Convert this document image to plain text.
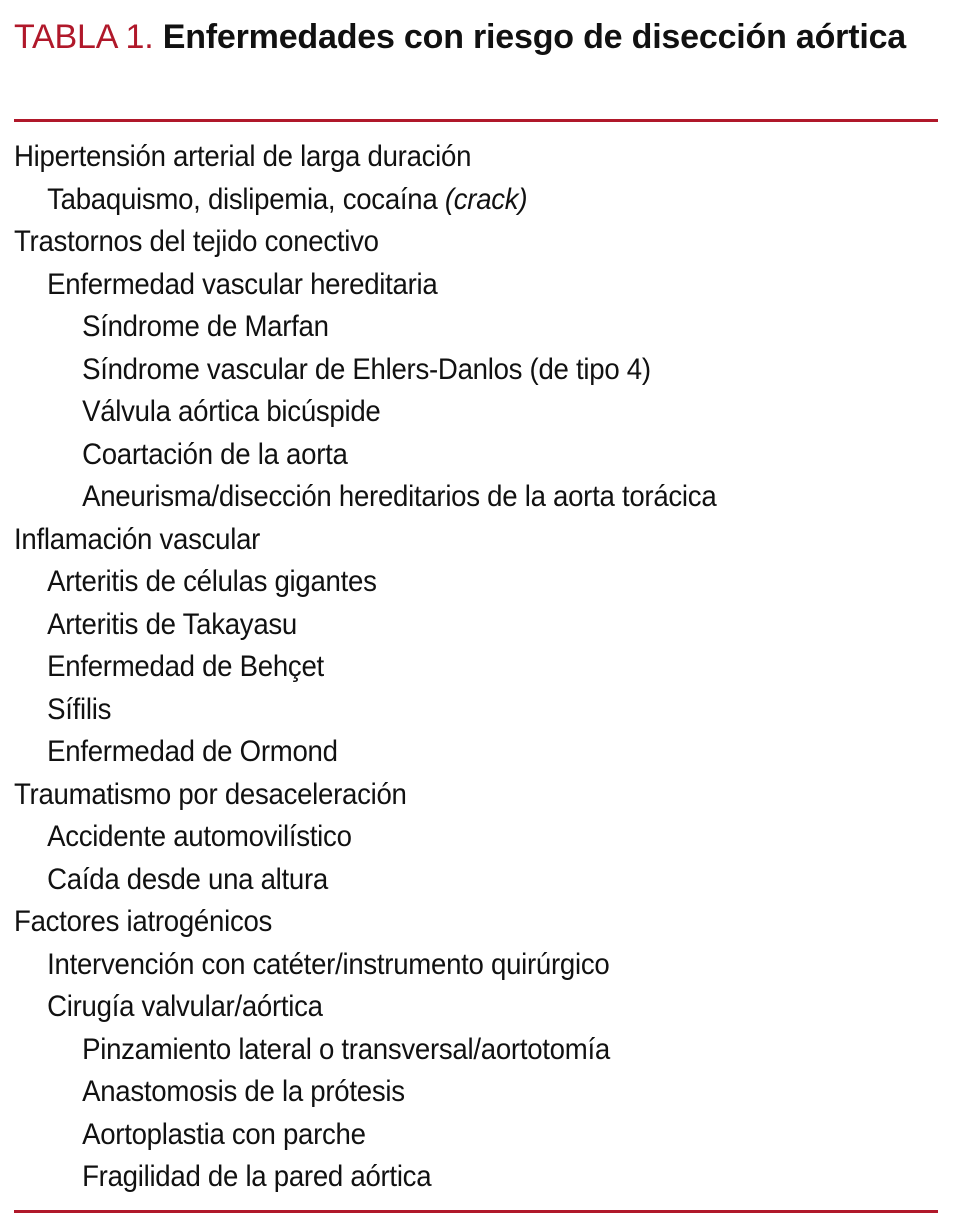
TABLA 1. Enfermedades con riesgo de disección aórtica
Hipertensión arterial de larga duración
Tabaquismo, dislipemia, cocaína (crack)
Trastornos del tejido conectivo
Enfermedad vascular hereditaria
Síndrome de Marfan
Síndrome vascular de Ehlers-Danlos (de tipo 4)
Válvula aórtica bicúspide
Coartación de la aorta
Aneurisma/disección hereditarios de la aorta torácica
Inflamación vascular
Arteritis de células gigantes
Arteritis de Takayasu
Enfermedad de Behçet
Sífilis
Enfermedad de Ormond
Traumatismo por desaceleración
Accidente automovilístico
Caída desde una altura
Factores iatrogénicos
Intervención con catéter/instrumento quirúrgico
Cirugía valvular/aórtica
Pinzamiento lateral o transversal/aortotomía
Anastomosis de la prótesis
Aortoplastia con parche
Fragilidad de la pared aórtica
